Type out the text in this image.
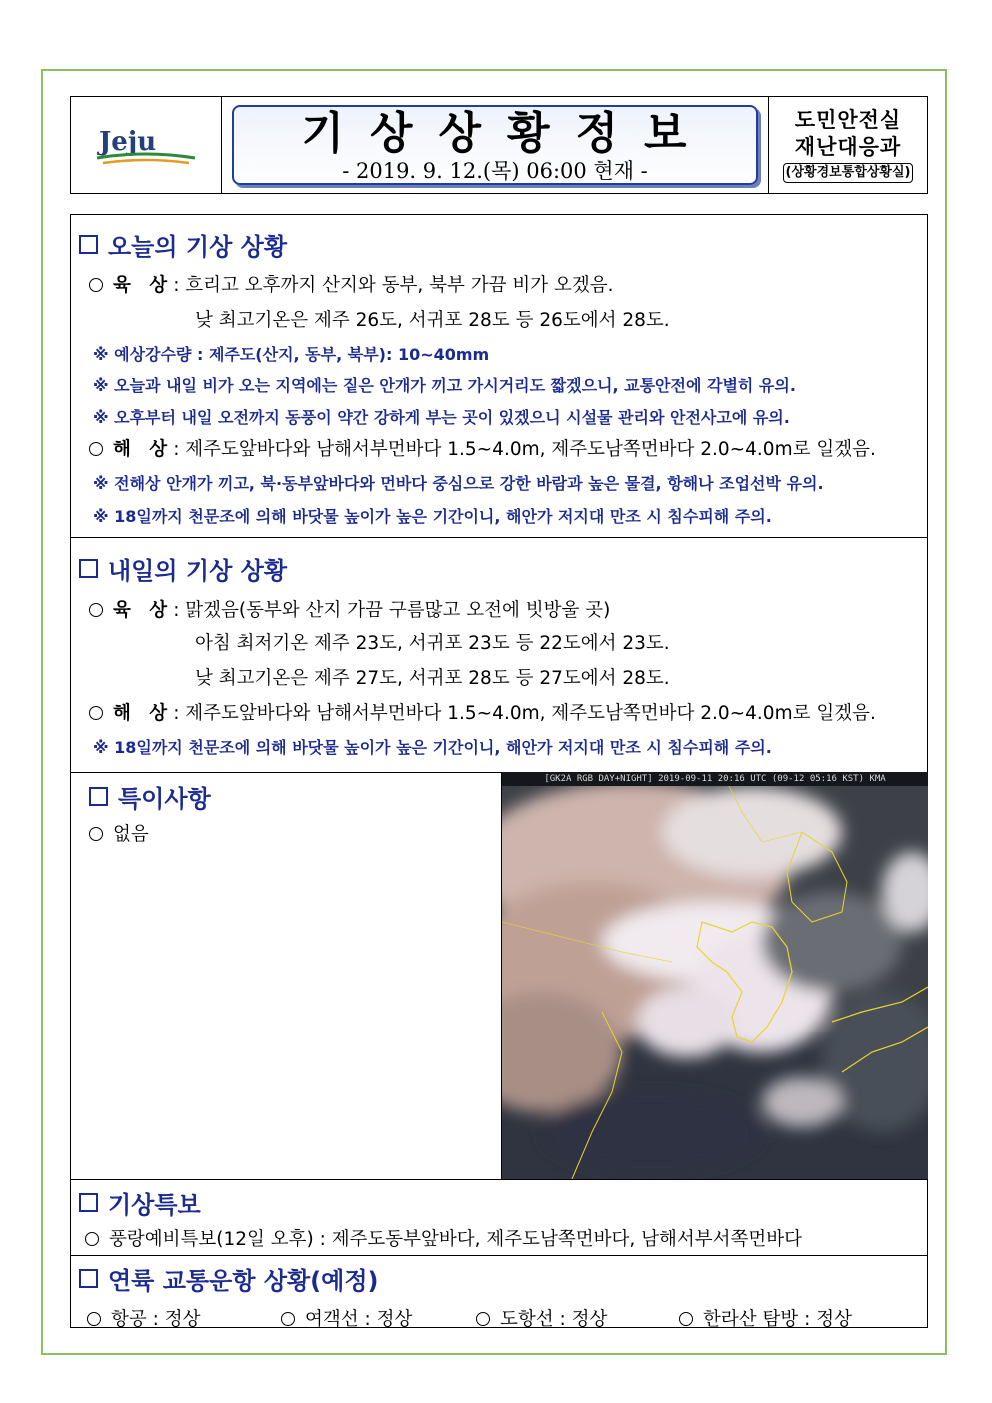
Jeju	기상상황정보
- 2019. 9. 12.(목) 06:00 현재 -
도민안전실
재난대응과
(상황경보통합상황실)
오늘의 기상 상황
육 상: 흐리고 오후까지 산지와 동부, 북부 가끔 비가 오겠음.
낮 최고기온은 제주 26도, 서귀포 28도 등 26도에서 28도.
※ 예상강수량 : 제주도(산지, 동부, 북부): 10~40mm
※ 오늘과 내일 비가 오는 지역에는 짙은 안개가 끼고 가시거리도 짧겠으니, 교통안전에 각별히 유의.
※ 오후부터 내일 오전까지 동풍이 약간 강하게 부는 곳이 있겠으니 시설물 관리와 안전사고에 유의.
해 상: 제주도앞바다와 남해서부먼바다 1.5~4.0m, 제주도남쪽먼바다 2.0~4.0m로 일겠음.
※ 전해상 안개가 끼고, 북·동부앞바다와 먼바다 중심으로 강한 바람과 높은 물결, 항해나 조업선박 유의.
※ 18일까지 천문조에 의해 바닷물 높이가 높은 기간이니, 해안가 저지대 만조 시 침수피해 주의.
내일의 기상 상황
육 상: 맑겠음(동부와 산지 가끔 구름많고 오전에 빗방울 곳)
아침 최저기온 제주 23도, 서귀포 23도 등 22도에서 23도.
낮 최고기온은 제주 27도, 서귀포 28도 등 27도에서 28도.
해 상: 제주도앞바다와 남해서부먼바다 1.5~4.0m, 제주도남쪽먼바다 2.0~4.0m로 일겠음.
※ 18일까지 천문조에 의해 바닷물 높이가 높은 기간이니, 해안가 저지대 만조 시 침수피해 주의.
특이사항
없음
[GK2A RGB DAY+NIGHT] 2019-09-11 20:16 UTC (09-12 05:16 KST) KMA
기상특보
풍랑예비특보(12일 오후) : 제주도동부앞바다, 제주도남쪽먼바다, 남해서부서쪽먼바다
연륙 교통운항 상황(예정)
항공 : 정상	여객선 : 정상	도항선 : 정상	한라산 탐방 : 정상
